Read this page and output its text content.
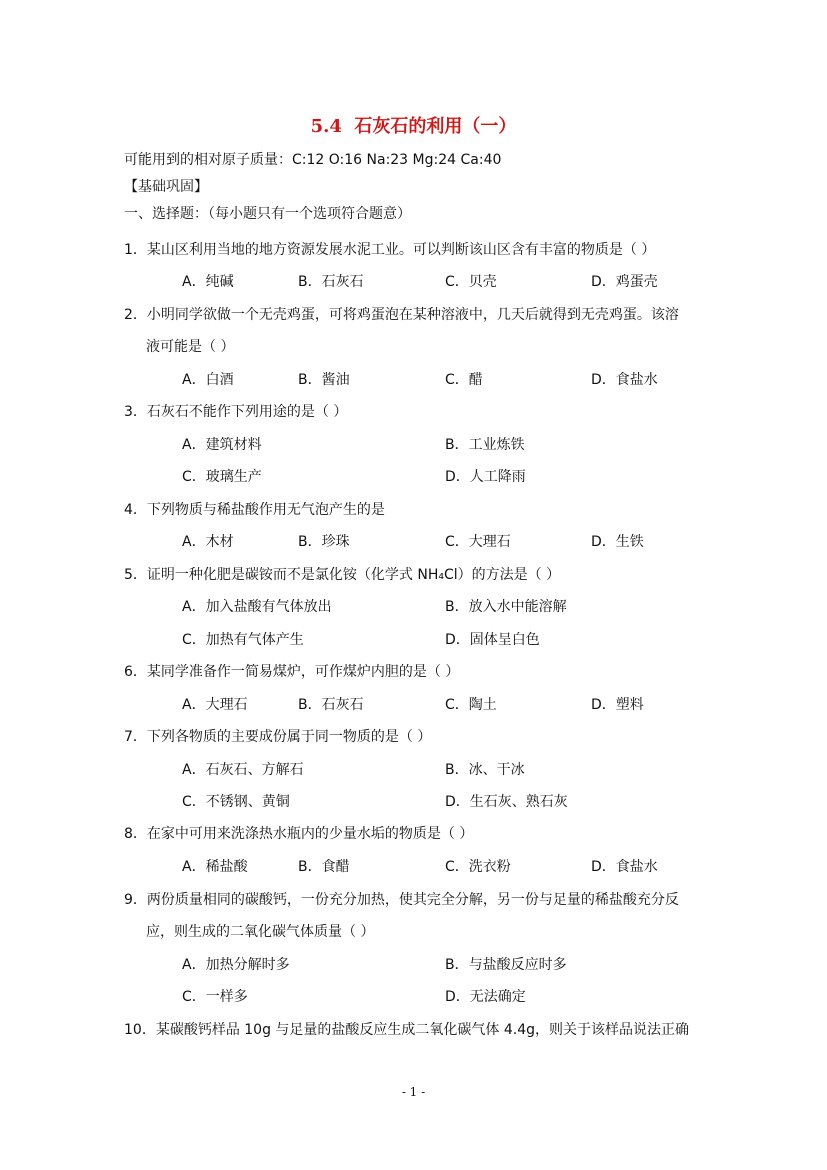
5.4  石灰石的利用（一）
可能用到的相对原子质量：C:12 O:16 Na:23 Mg:24 Ca:40
【基础巩固】
一、选择题：（每小题只有一个选项符合题意）
1．某山区利用当地的地方资源发展水泥工业。可以判断该山区含有丰富的物质是（ ）
A．纯碱	B．石灰石	C．贝壳	D．鸡蛋壳
2．小明同学欲做一个无壳鸡蛋，可将鸡蛋泡在某种溶液中，几天后就得到无壳鸡蛋。该溶
液可能是（ ）
A．白酒	B．酱油	C．醋	D．食盐水
3．石灰石不能作下列用途的是（ ）
A．建筑材料	B．工业炼铁
C．玻璃生产	D．人工降雨
4．下列物质与稀盐酸作用无气泡产生的是
A．木材	B．珍珠	C．大理石	D．生铁
5．证明一种化肥是碳铵而不是氯化铵（化学式 NH₄Cl）的方法是（ ）
A．加入盐酸有气体放出	B．放入水中能溶解
C．加热有气体产生	D．固体呈白色
6．某同学准备作一简易煤炉，可作煤炉内胆的是（ ）
A．大理石	B．石灰石	C．陶土	D．塑料
7．下列各物质的主要成份属于同一物质的是（ ）
A．石灰石、方解石	B．冰、干冰
C．不锈钢、黄铜	D．生石灰、熟石灰
8．在家中可用来洗涤热水瓶内的少量水垢的物质是（ ）
A．稀盐酸	B．食醋	C．洗衣粉	D．食盐水
9．两份质量相同的碳酸钙，一份充分加热，使其完全分解，另一份与足量的稀盐酸充分反
应，则生成的二氧化碳气体质量（ ）
A．加热分解时多	B．与盐酸反应时多
C．一样多	D．无法确定
10．某碳酸钙样品 10g 与足量的盐酸反应生成二氧化碳气体 4.4g，则关于该样品说法正确
- 1 -
